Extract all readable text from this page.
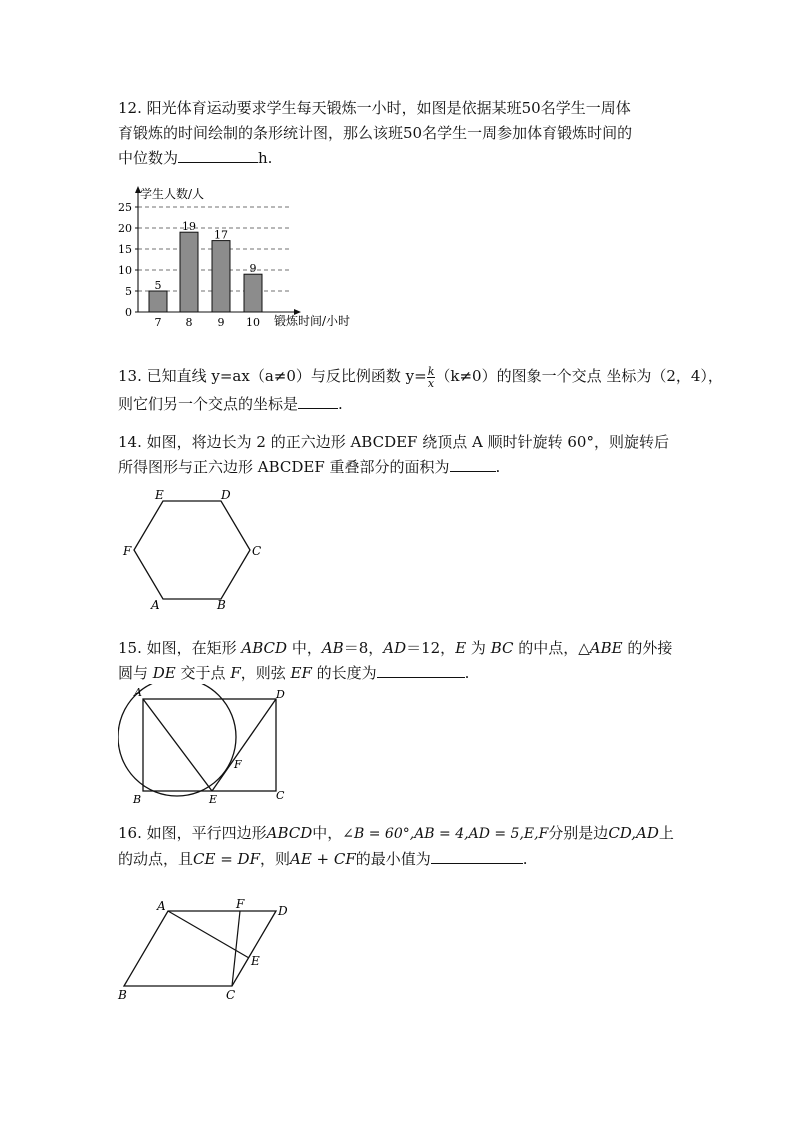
12. 阳光体育运动要求学生每天锻炼一小时，如图是依据某班50名学生一周体

育锻炼的时间绘制的条形统计图，那么该班50名学生一周参加体育锻炼时间的

中位数为	h.

0
5
10
15
20
25
学生人数/人
锻炼时间/小时
5
7
19
8
17
9
9
10

13. 已知直线 y=ax（a≠0）与反比例函数 $y= \frac{k}{x} (k\ne 0)$的图象一个交点 坐标为（2，4），

则它们另一个交点的坐标是	.

14. 如图，将边长为 2 的正六边形 ABCDEF 绕顶点 A 顺时针旋转 60°，则旋转后

所得图形与正六边形 ABCDEF 重叠部分的面积为	.

A	B
C
D
E
F

15. 如图，在矩形 ABCD 中，AB＝8，AD＝12，E 为 BC 的中点，△ABE 的外接

圆与 DE 交于点 F，则弦 EF 的长度为	.

A	D
B	E	C
F

16. 如图，平行四边形ABCD中，∠B = 60°,AB = 4,AD = 5,E,F分别是边CD,AD上

的动点，且CE = DF，则AE + CF的最小值为	.

A	F	D
E
B	C
